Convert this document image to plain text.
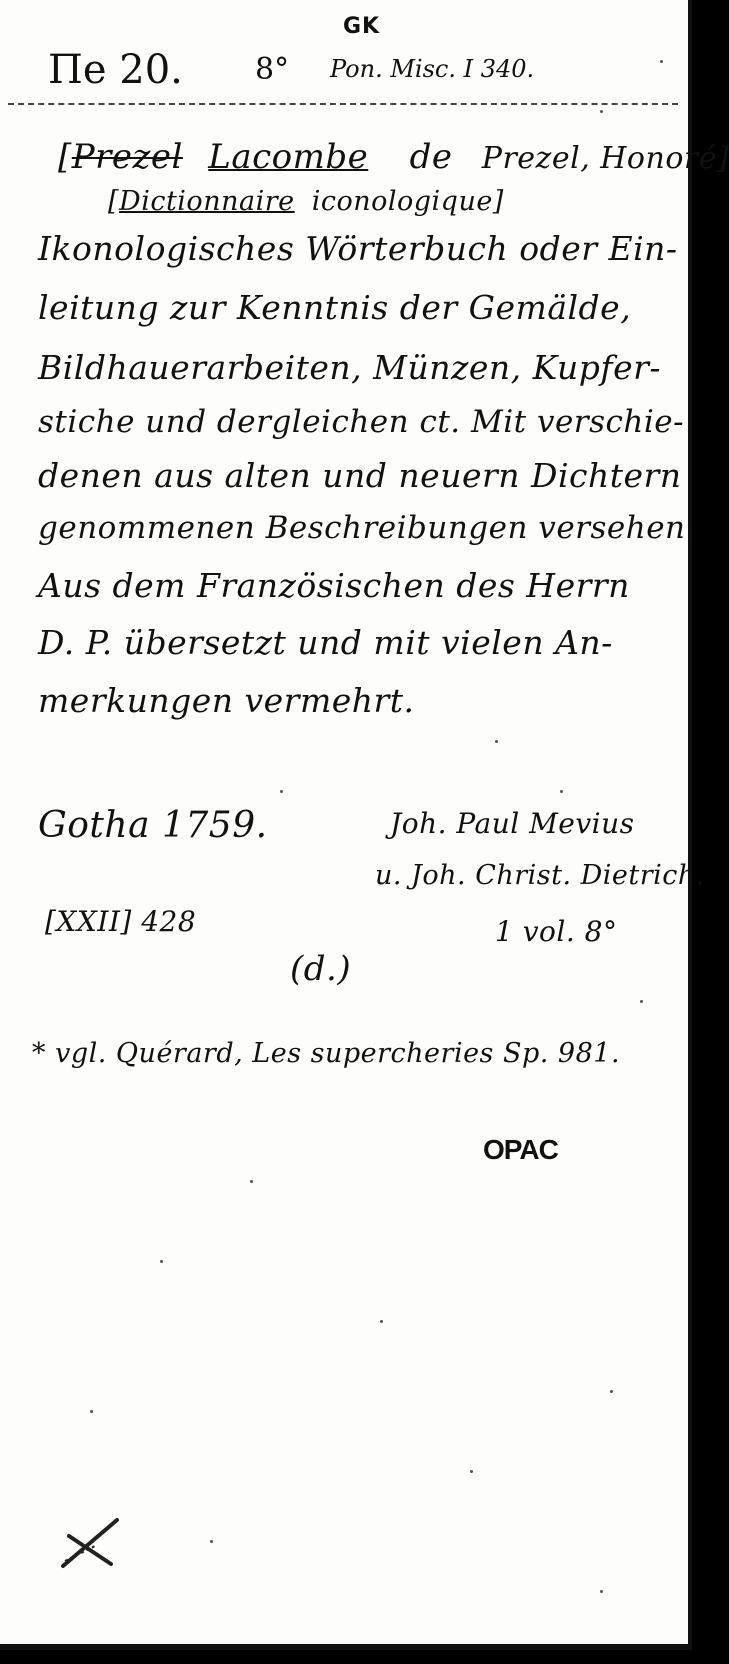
GK
Πe 20. 8° Pon. Misc. I 340.
[Prezel Lacombe de Prezel, Honoré]
[Dictionnaire iconologique]
Ikonologisches Wörterbuch oder Ein-
leitung zur Kenntnis der Gemälde,
Bildhauerarbeiten, Münzen, Kupfer-
stiche und dergleichen ct. Mit verschie-
denen aus alten und neuern Dichtern
genommenen Beschreibungen versehen.
Aus dem Französischen des Herrn
D. P. übersetzt und mit vielen An-
merkungen vermehrt.
Gotha 1759.	Joh. Paul Mevius
u. Joh. Christ. Dietrich.
[XXII] 428	1 vol. 8°
(d.)
* vgl. Quérard, Les supercheries Sp. 981.
OPAC
